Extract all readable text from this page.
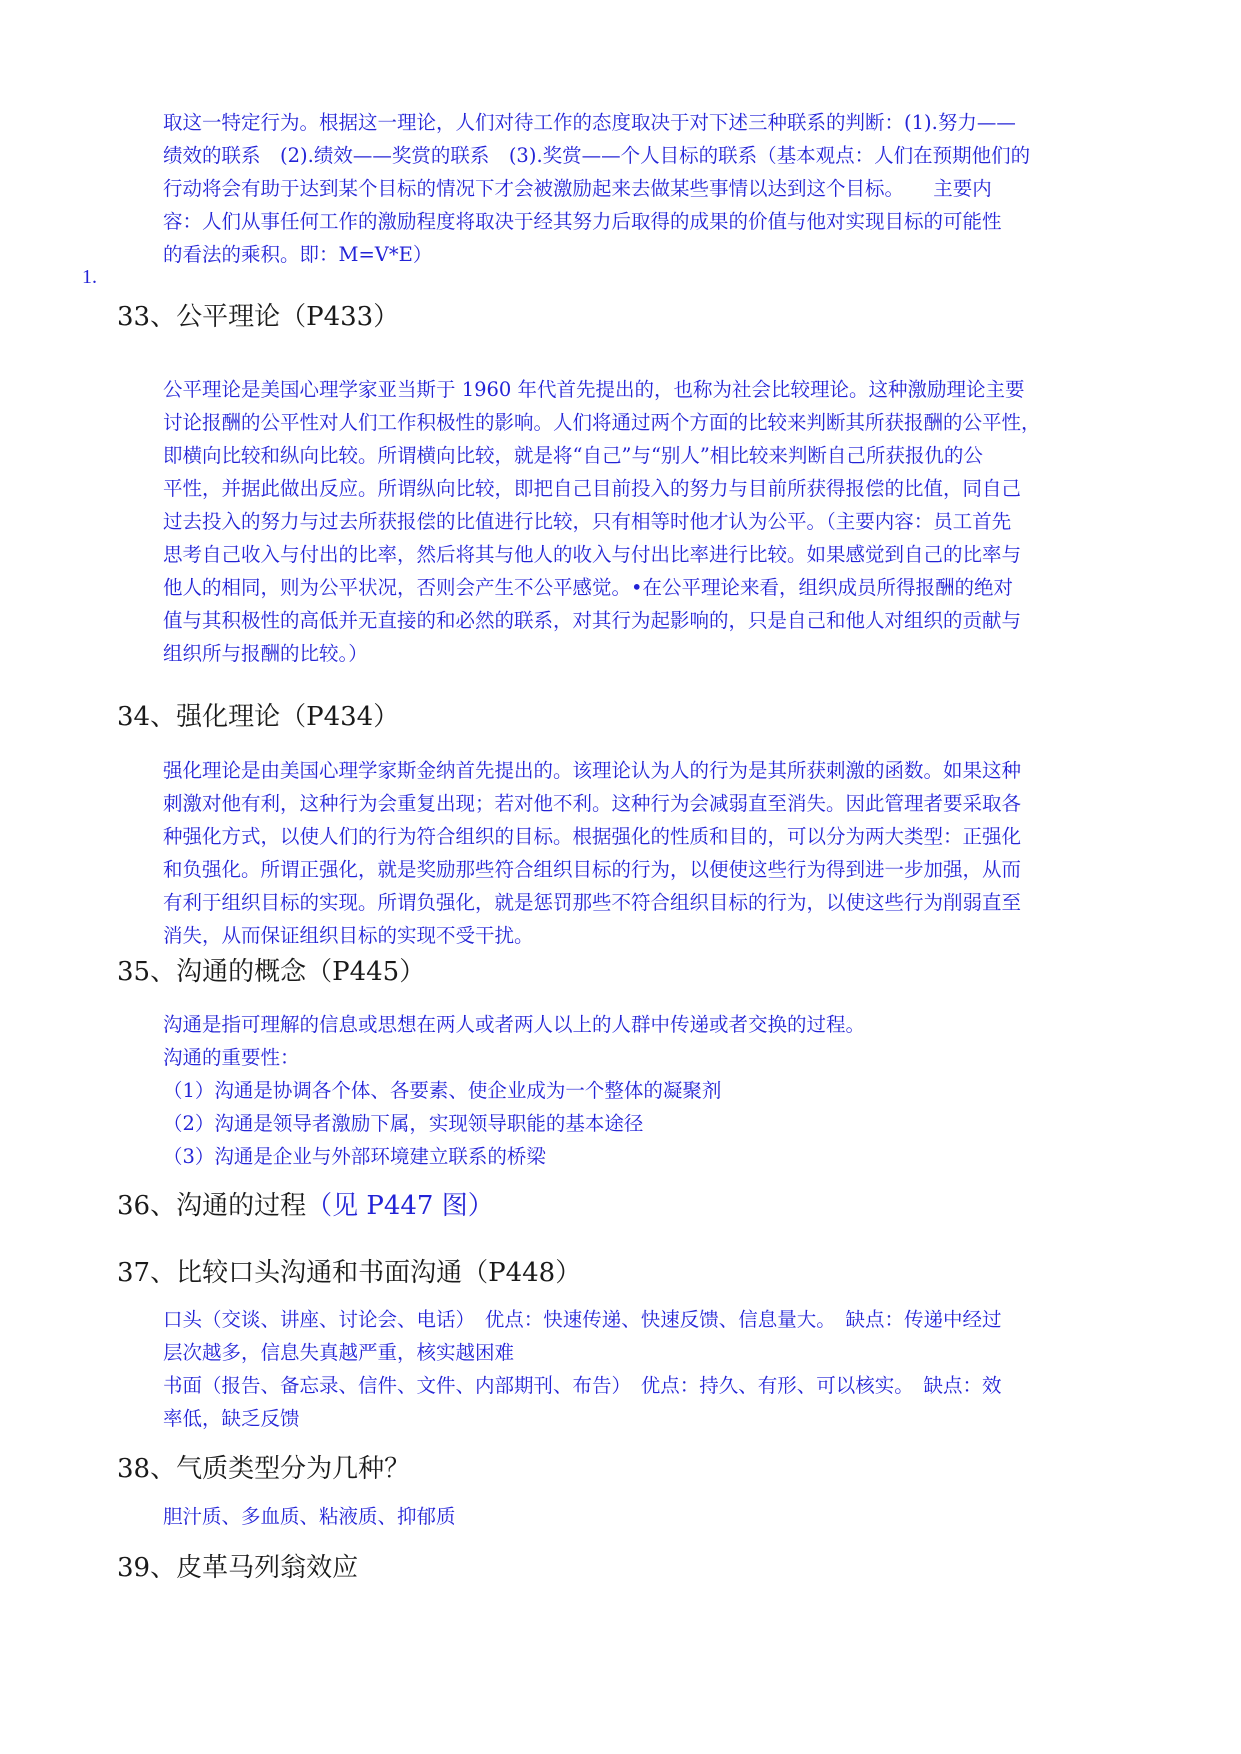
取这一特定行为。根据这一理论，人们对待工作的态度取决于对下述三种联系的判断：(1).努力——
绩效的联系　(2).绩效——奖赏的联系　(3).奖赏——个人目标的联系（基本观点：人们在预期他们的
行动将会有助于达到某个目标的情况下才会被激励起来去做某些事情以达到这个目标。　　主要内
容：人们从事任何工作的激励程度将取决于经其努力后取得的成果的价值与他对实现目标的可能性
的看法的乘积。即：M=V*E）
1.
33、公平理论（P433）
公平理论是美国心理学家亚当斯于 1960 年代首先提出的，也称为社会比较理论。这种激励理论主要
讨论报酬的公平性对人们工作积极性的影响。人们将通过两个方面的比较来判断其所获报酬的公平性，
即横向比较和纵向比较。所谓横向比较，就是将“自己”与“别人”相比较来判断自己所获报仇的公
平性，并据此做出反应。所谓纵向比较，即把自己目前投入的努力与目前所获得报偿的比值，同自己
过去投入的努力与过去所获报偿的比值进行比较，只有相等时他才认为公平。（主要内容：员工首先
思考自己收入与付出的比率，然后将其与他人的收入与付出比率进行比较。如果感觉到自己的比率与
他人的相同，则为公平状况，否则会产生不公平感觉。•在公平理论来看，组织成员所得报酬的绝对
值与其积极性的高低并无直接的和必然的联系，对其行为起影响的，只是自己和他人对组织的贡献与
组织所与报酬的比较。）
34、强化理论（P434）
强化理论是由美国心理学家斯金纳首先提出的。该理论认为人的行为是其所获刺激的函数。如果这种
刺激对他有利，这种行为会重复出现；若对他不利。这种行为会减弱直至消失。因此管理者要采取各
种强化方式，以使人们的行为符合组织的目标。根据强化的性质和目的，可以分为两大类型：正强化
和负强化。所谓正强化，就是奖励那些符合组织目标的行为，以便使这些行为得到进一步加强，从而
有利于组织目标的实现。所谓负强化，就是惩罚那些不符合组织目标的行为，以使这些行为削弱直至
消失，从而保证组织目标的实现不受干扰。
35、沟通的概念（P445）
沟通是指可理解的信息或思想在两人或者两人以上的人群中传递或者交换的过程。
沟通的重要性：
（1）沟通是协调各个体、各要素、使企业成为一个整体的凝聚剂
（2）沟通是领导者激励下属，实现领导职能的基本途径
（3）沟通是企业与外部环境建立联系的桥梁
36、沟通的过程（见 P447 图）
37、比较口头沟通和书面沟通（P448）
口头（交谈、讲座、讨论会、电话）　优点：快速传递、快速反馈、信息量大。　缺点：传递中经过
层次越多，信息失真越严重，核实越困难
书面（报告、备忘录、信件、文件、内部期刊、布告）　优点：持久、有形、可以核实。　缺点：效
率低，缺乏反馈
38、气质类型分为几种？
胆汁质、多血质、粘液质、抑郁质
39、皮革马列翁效应
